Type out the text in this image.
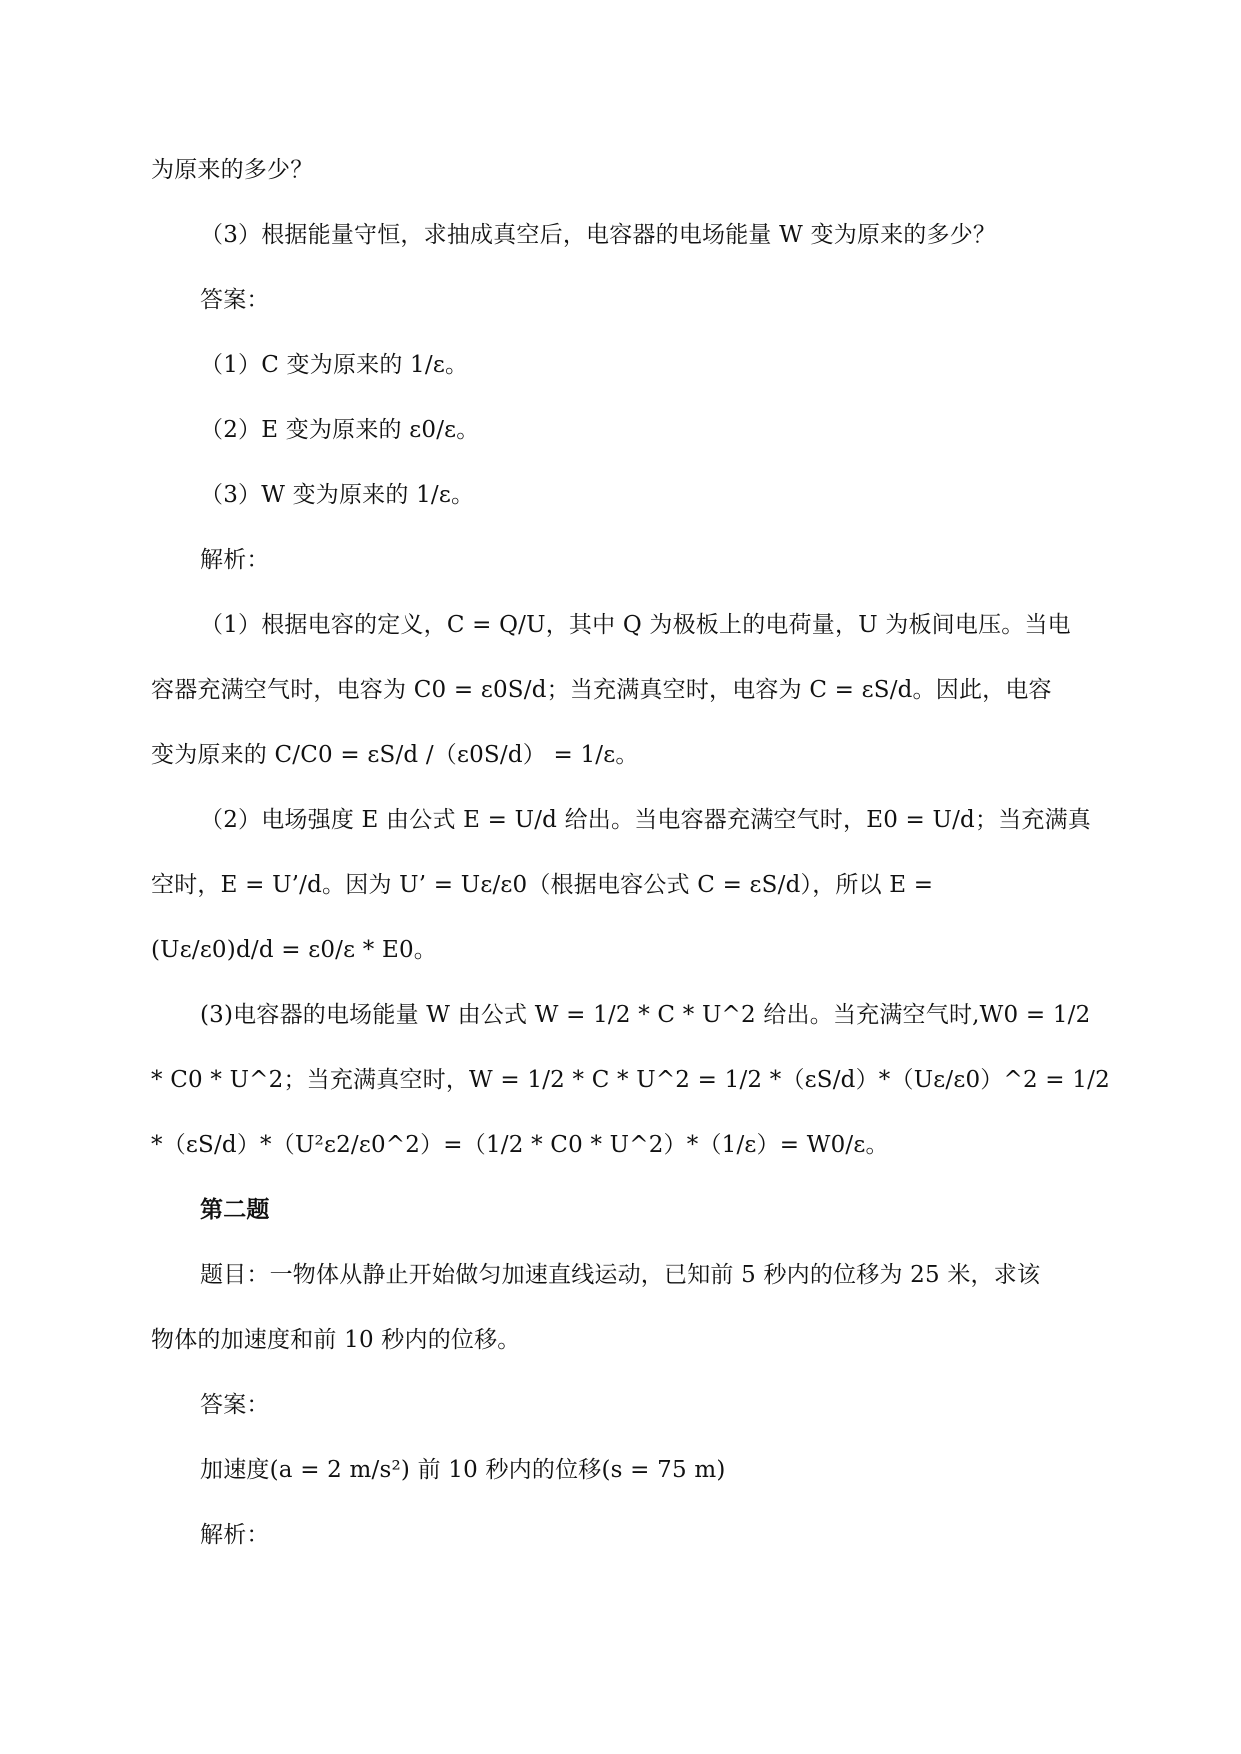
为原来的多少？
（3）根据能量守恒，求抽成真空后，电容器的电场能量 W 变为原来的多少？
答案：
（1）C 变为原来的 1/ε。
（2）E 变为原来的 ε0/ε。
（3）W 变为原来的 1/ε。
解析：
（1）根据电容的定义，C = Q/U，其中 Q 为极板上的电荷量，U 为板间电压。当电
容器充满空气时，电容为 C0 = ε0S/d；当充满真空时，电容为 C = εS/d。因此，电容
变为原来的 C/C0 = εS/d /（ε0S/d） = 1/ε。
（2）电场强度 E 由公式 E = U/d 给出。当电容器充满空气时，E0 = U/d；当充满真
空时，E = U’/d。因为 U’ = Uε/ε0（根据电容公式 C = εS/d），所以 E =
(Uε/ε0)d/d = ε0/ε * E0。
(3)电容器的电场能量 W 由公式 W = 1/2 * C * U^2 给出。当充满空气时,W0 = 1/2
* C0 * U^2；当充满真空时，W = 1/2 * C * U^2 = 1/2 *（εS/d）*（Uε/ε0）^2 = 1/2
*（εS/d）*（U²ε2/ε0^2）=（1/2 * C0 * U^2）*（1/ε）= W0/ε。
第二题
题目：一物体从静止开始做匀加速直线运动，已知前 5 秒内的位移为 25 米，求该
物体的加速度和前 10 秒内的位移。
答案：
加速度(a = 2 m/s²) 前 10 秒内的位移(s = 75 m)
解析：
